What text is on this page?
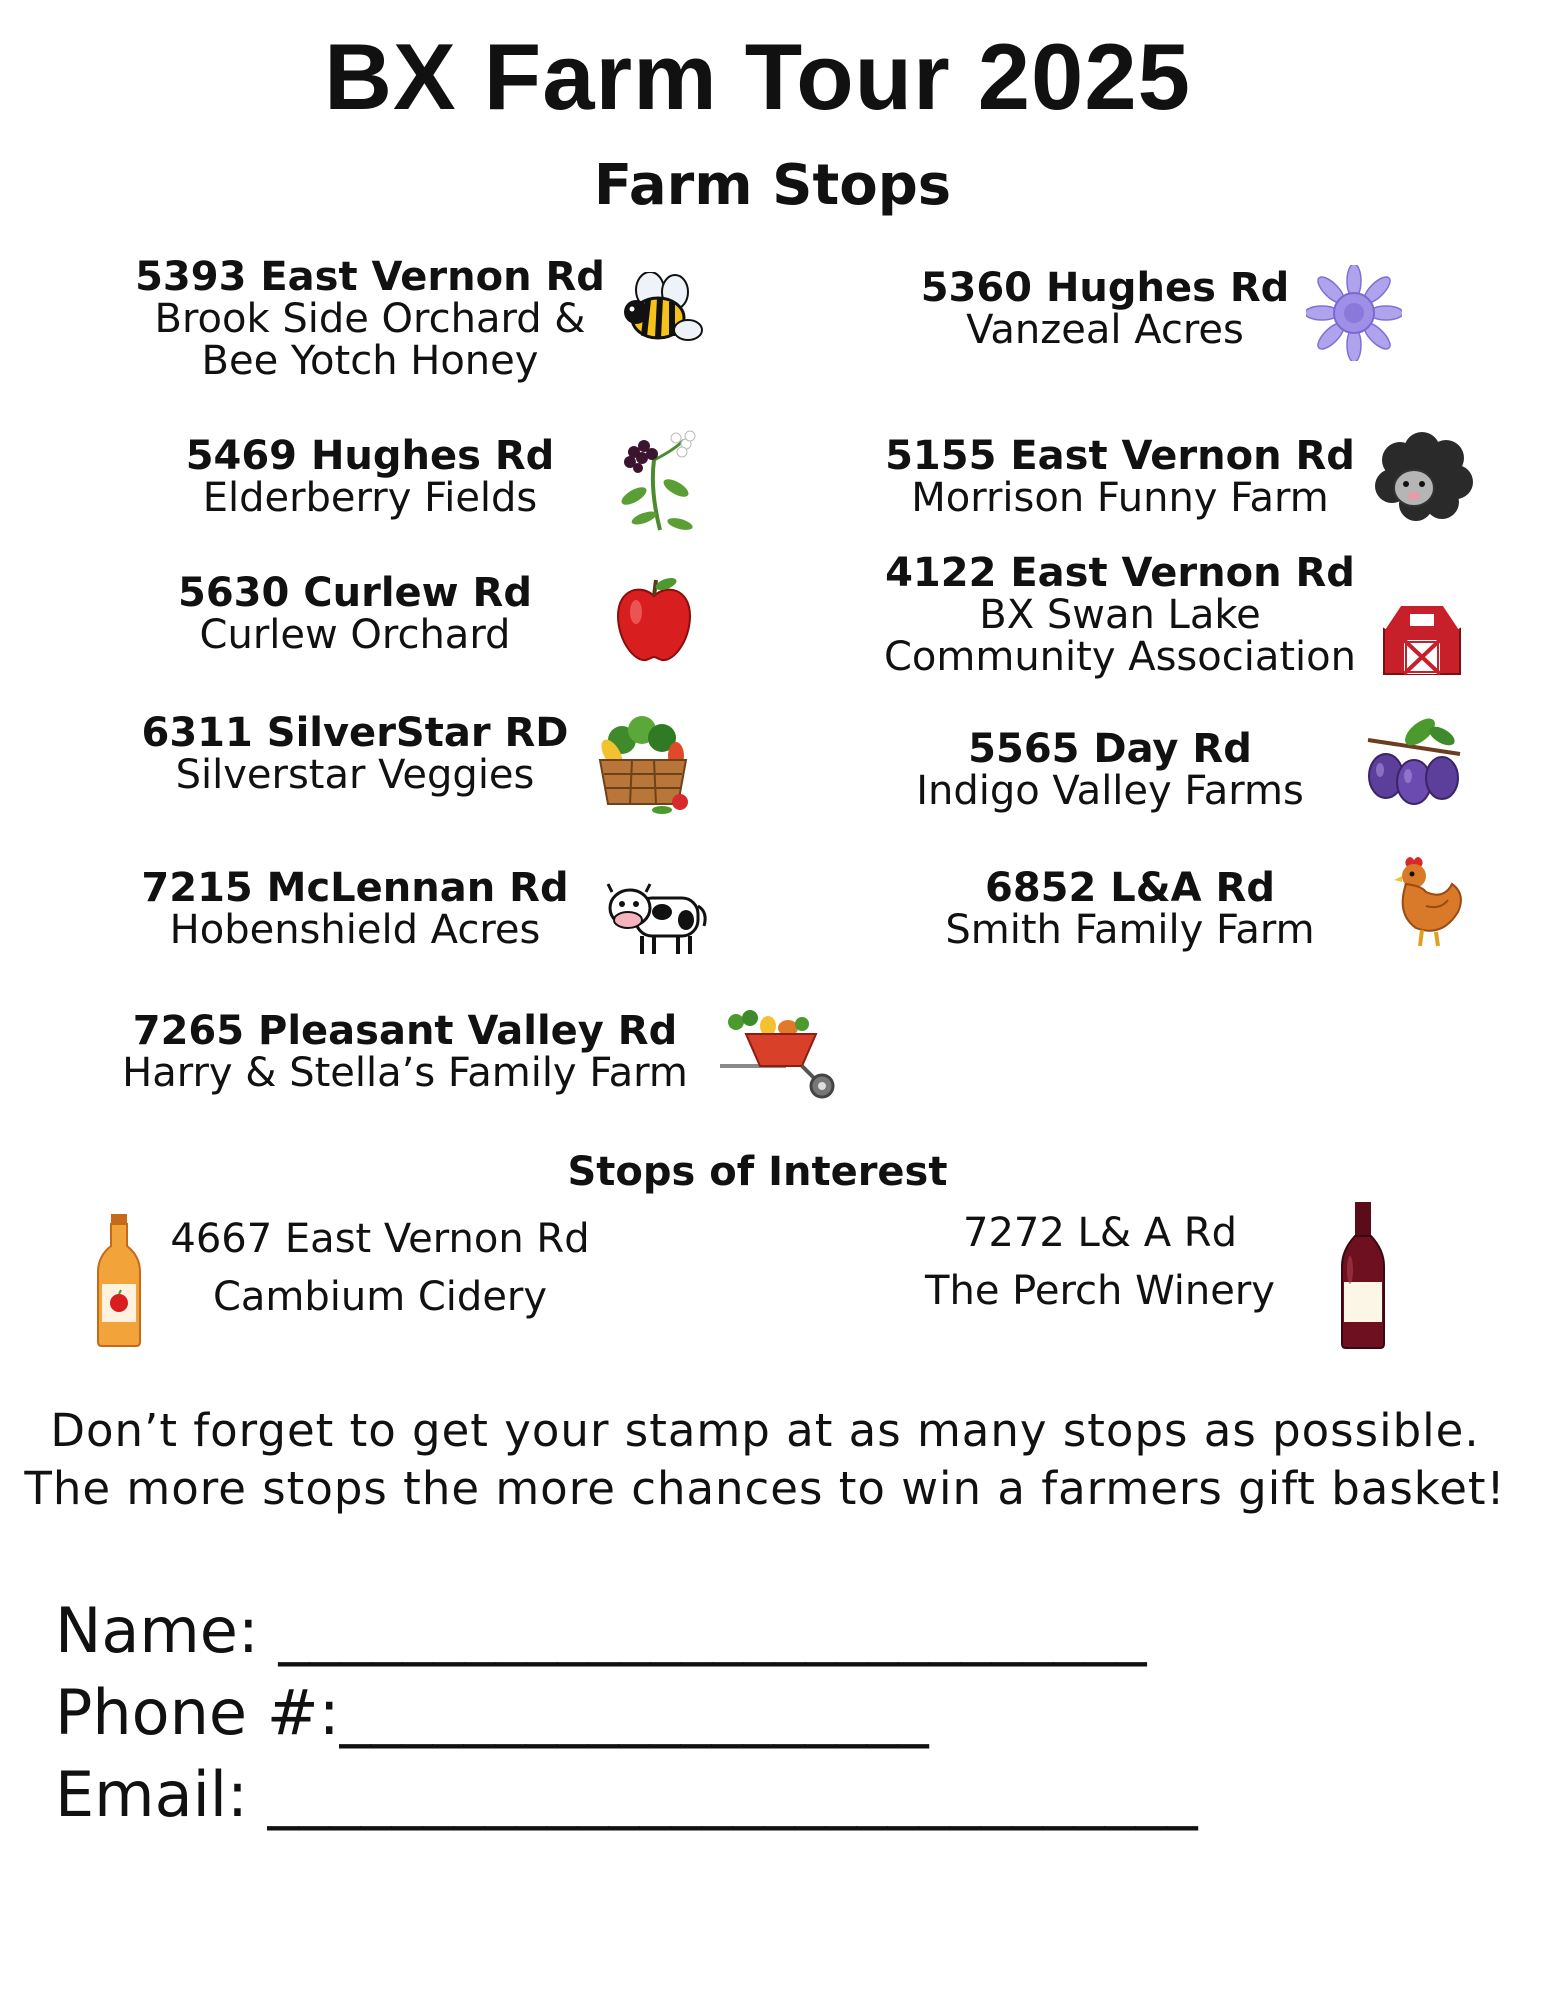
BX Farm Tour 2025
Farm Stops
5393 East Vernon Rd
Brook Side Orchard &
Bee Yotch Honey
5360 Hughes Rd
Vanzeal Acres
5469 Hughes Rd
Elderberry Fields
5155 East Vernon Rd
Morrison Funny Farm
5630 Curlew Rd
Curlew Orchard
4122 East Vernon Rd
BX Swan Lake
Community Association
6311 SilverStar RD
Silverstar Veggies
5565 Day Rd
Indigo Valley Farms
7215 McLennan Rd
Hobenshield Acres
6852 L&A Rd
Smith Family Farm
7265 Pleasant Valley Rd
Harry & Stella’s Family Farm
Stops of Interest
4667 East Vernon Rd
Cambium Cidery
7272 L& A Rd
The Perch Winery
Don’t forget to get your stamp at as many stops as possible.
The more stops the more chances to win a farmers gift basket!
Name: ____________________________
Phone #:___________________
Email: ______________________________
